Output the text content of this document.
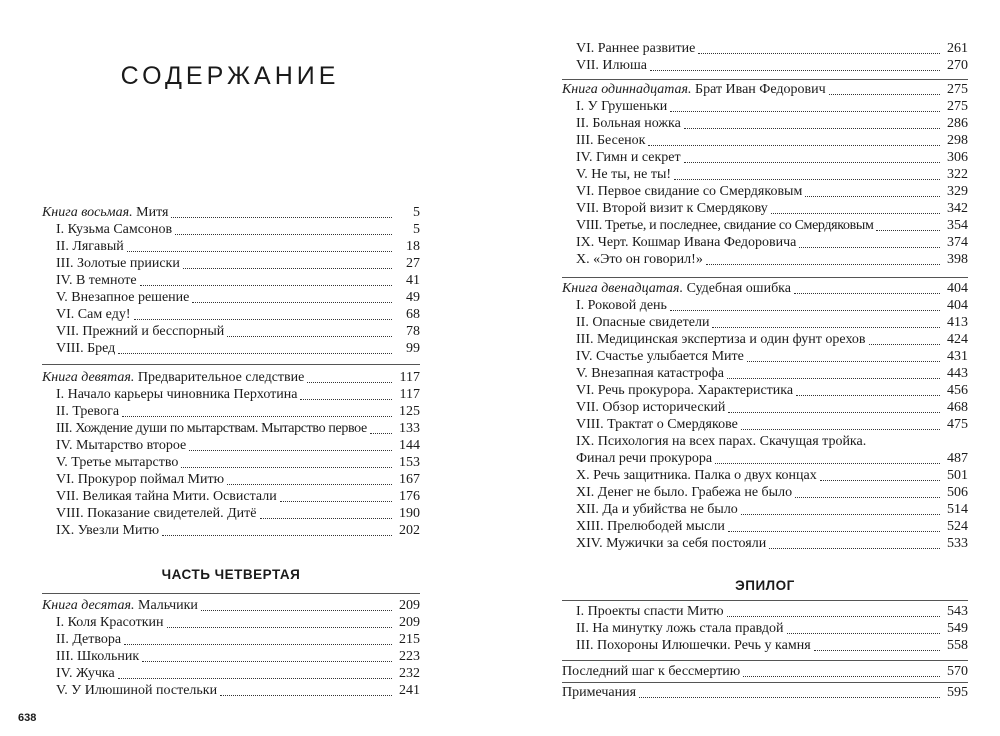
СОДЕРЖАНИЕ
Книга восьмая. Митя	5
I. Кузьма Самсонов	5
II. Лягавый	18
III. Золотые прииски	27
IV. В темноте	41
V. Внезапное решение	49
VI. Сам еду!	68
VII. Прежний и бесспорный	78
VIII. Бред	99
Книга девятая. Предварительное следствие	117
I. Начало карьеры чиновника Перхотина	117
II. Тревога	125
III. Хождение души по мытарствам. Мытарство первое	133
IV. Мытарство второе	144
V. Третье мытарство	153
VI. Прокурор поймал Митю	167
VII. Великая тайна Мити. Освистали	176
VIII. Показание свидетелей. Дитё	190
IX. Увезли Митю	202
ЧАСТЬ ЧЕТВЕРТАЯ
Книга десятая. Мальчики	209
I. Коля Красоткин	209
II. Детвора	215
III. Школьник	223
IV. Жучка	232
V. У Илюшиной постельки	241
VI. Раннее развитие	261
VII. Илюша	270
Книга одиннадцатая. Брат Иван Федорович	275
I. У Грушеньки	275
II. Больная ножка	286
III. Бесенок	298
IV. Гимн и секрет	306
V. Не ты, не ты!	322
VI. Первое свидание со Смердяковым	329
VII. Второй визит к Смердякову	342
VIII. Третье, и последнее, свидание со Смердяковым	354
IX. Черт. Кошмар Ивана Федоровича	374
X. «Это он говорил!»	398
Книга двенадцатая. Судебная ошибка	404
I. Роковой день	404
II. Опасные свидетели	413
III. Медицинская экспертиза и один фунт орехов	424
IV. Счастье улыбается Мите	431
V. Внезапная катастрофа	443
VI. Речь прокурора. Характеристика	456
VII. Обзор исторический	468
VIII. Трактат о Смердякове	475
IX. Психология на всех парах. Скачущая тройка.
Финал речи прокурора	487
X. Речь защитника. Палка о двух концах	501
XI. Денег не было. Грабежа не было	506
XII. Да и убийства не было	514
XIII. Прелюбодей мысли	524
XIV. Мужички за себя постояли	533
ЭПИЛОГ
I. Проекты спасти Митю	543
II. На минутку ложь стала правдой	549
III. Похороны Илюшечки. Речь у камня	558
Последний шаг к бессмертию	570
Примечания	595
638
